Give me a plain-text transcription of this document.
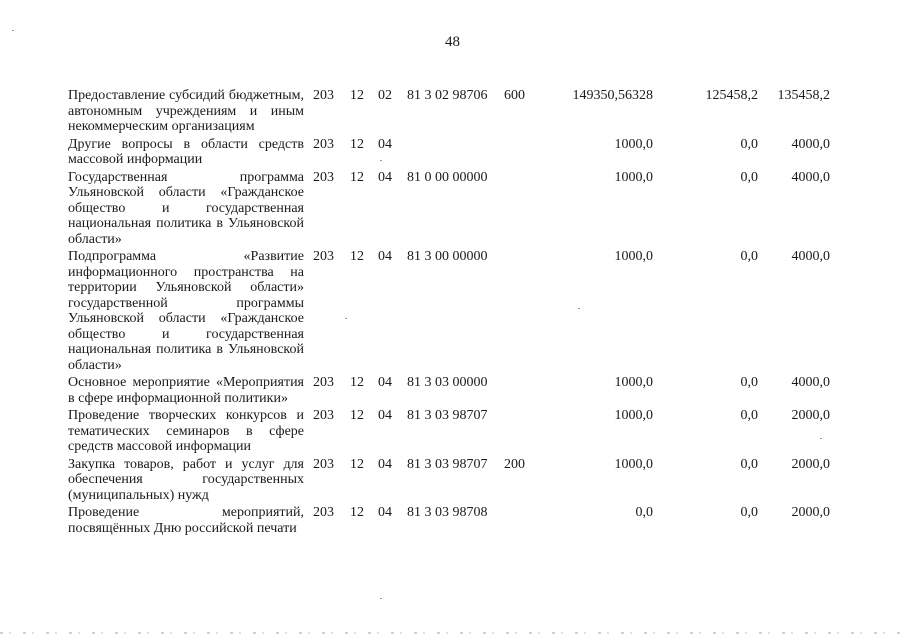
48
Предоставление субсидий бюджетным, автономным учреждениям и иным некоммерческим организациям
203 12 02 81 3 02 98706 600	149350,56328	125458,2	135458,2
Другие вопросы в области средств массовой информации
203 12 04	1000,0	0,0	4000,0
Государственная программа Ульяновской области «Гражданское общество и государственная национальная политика в Ульяновской области»
203 12 04 81 0 00 00000	1000,0	0,0	4000,0
Подпрограмма «Развитие информационного пространства на территории Ульяновской области» государственной программы Ульяновской области «Гражданское общество и государственная национальная политика в Ульяновской области»
203 12 04 81 3 00 00000	1000,0	0,0	4000,0
Основное мероприятие «Мероприятия в сфере информационной политики»
203 12 04 81 3 03 00000	1000,0	0,0	4000,0
Проведение творческих конкурсов и тематических семинаров в сфере средств массовой информации
203 12 04 81 3 03 98707	1000,0	0,0	2000,0
Закупка товаров, работ и услуг для обеспечения государственных (муниципальных) нужд
203 12 04 81 3 03 98707 200	1000,0	0,0	2000,0
Проведение мероприятий, посвящённых Дню российской печати
203 12 04 81 3 03 98708	0,0	0,0	2000,0
